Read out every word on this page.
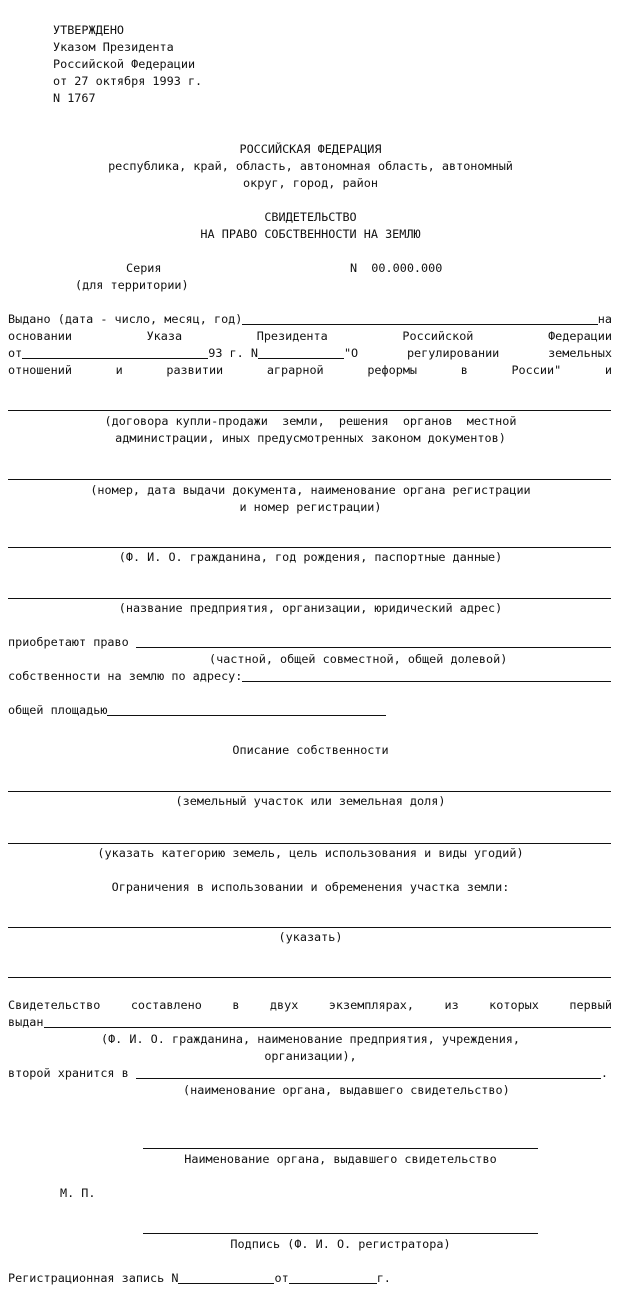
УТВЕРЖДЕНО
Указом Президента
Российской Федерации
от 27 октября 1993 г.
N 1767
РОССИЙСКАЯ ФЕДЕРАЦИЯ
республика, край, область, автономная область, автономный
округ, город, район
СВИДЕТЕЛЬСТВО
НА ПРАВО СОБСТВЕННОСТИ НА ЗЕМЛЮ
Серия	N  00.000.000
(для территории)
Выдано (дата - число, месяц, год)	на
основании	Указа	Президента	Российской	Федерации
от	93 г. N	"О	регулировании	земельных
отношений	и	развитии	аграрной	реформы	в	России"	и
(договора купли-продажи  земли,  решения  органов  местной
администрации, иных предусмотренных законом документов)
(номер, дата выдачи документа, наименование органа регистрации
и номер регистрации)
(Ф. И. О. гражданина, год рождения, паспортные данные)
(название предприятия, организации, юридический адрес)
приобретают право
(частной, общей совместной, общей долевой)
собственности на землю по адресу:
общей площадью
Описание собственности
(земельный участок или земельная доля)
(указать категорию земель, цель использования и виды угодий)
Ограничения в использовании и обременения участка земли:
(указать)
Свидетельство	составлено	в	двух	экземплярах,	из	которых	первый
выдан
(Ф. И. О. гражданина, наименование предприятия, учреждения,
организации),
второй хранится в	.
(наименование органа, выдавшего свидетельство)
Наименование органа, выдавшего свидетельство
М. П.
Подпись (Ф. И. О. регистратора)
Регистрационная запись N	от	г.
